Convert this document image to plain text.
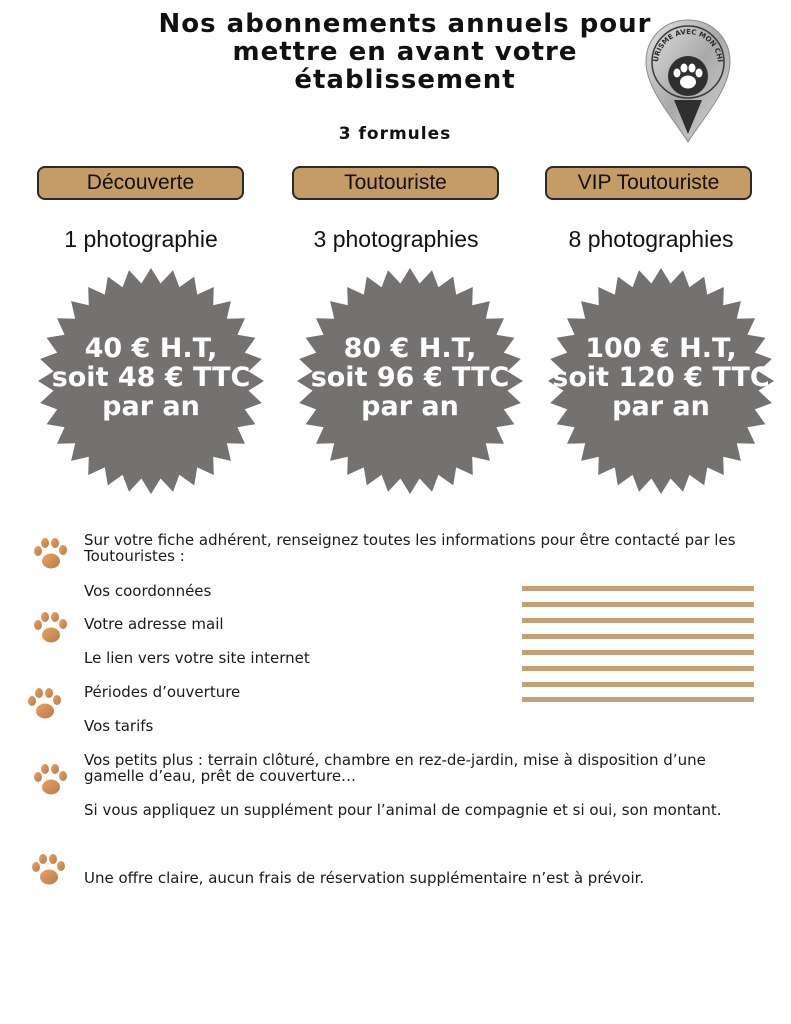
Nos abonnements annuels pour mettre en avant votre établissement
3 formules
URISME AVEC MON CHI
Découverte	Toutouriste	VIP Toutouriste
1 photographie	3 photographies	8 photographies
40 € H.T,
soit 48 € TTC
par an
80 € H.T,
soit 96 € TTC
par an
100 € H.T,
soit 120 € TTC
par an

Sur votre fiche adhérent, renseignez toutes les informations pour être contacté par les Toutouristes :

Vos coordonnées

Votre adresse mail

Le lien vers votre site internet

Périodes d’ouverture

Vos tarifs

Vos petits plus : terrain clôturé, chambre en rez-de-jardin, mise à disposition d’une gamelle d’eau, prêt de couverture…

Si vous appliquez un supplément pour l’animal de compagnie et si oui, son montant.

Une offre claire, aucun frais de réservation supplémentaire n’est à prévoir.
